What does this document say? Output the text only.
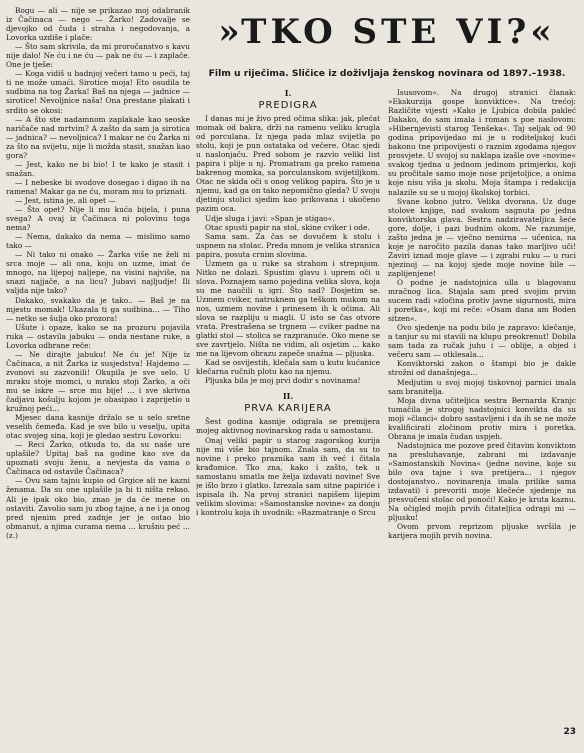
Bogu — ali — nije se prikazao moj odabranik iz Čačinaca — nego — Žarko! Zadovalje se djevojko od čuda i straha i negodovanja, a Lovorka uzdiše i plače:

— Što sam skrivila, da mi proročanstvo s kavu nije dalo! Ne ću i ne ću — pak ne ću — i zaplače. One je tješe:

— Koga vidiš u badnjoj večeri tamo u peći, taj ti ne može umaći. Sirotice moja! Eto osudila te sudbina na tog Žarka! Baš na njega — jadnice — sirotice! Nevoljnice naša! Ona prestane plakati i srdito se okosi:

— A što ste nadamnom zaplakale kao seoske naričače nad mrtvim? A zašto da sam ja sirotica — jadnica? — nevoljnica? I makar ne ću Žarka ni za što na svijetu, nije li možda stasit, snažan kao gora?

— Jest, kako ne bi bio! I te kako je stasit i snažan.

— I nebeske bi svodove dosegao i digao ih na ramena! Makar ga ne ću, moram mu to priznati.

— Jest, istina je, ali opet —

— Što opet? Nije li mu kuća bijela, i puna svega? A ovaj iz Čačinaca ni polovinu toga nema?

— Nema, dakako da nema — mislimo samo tako —

— Ni tako ni onako — Žarka više ne želi ni srca moje — ali ona, koju on uzme, imat će mnogo, na lijepoj naljepe, na visini najviše, na snazi najjače, a na licu? Jubavi najljudje! Ili valjda nije tako?

Dakako, svakako da je tako.. — Baš je na mjestu momak! Ukazala ti ga sudbina... — Tiho — netko se šulja oko prozora!

Ušute i opaze, kako se na prozoru pojavila ruka — ostavila jabuku — onda nestane ruke, a Lovorka odbrane reče:

— Ne dirajte jabuku! Ne ću je! Nije iz Čačinaca, a nit Žarka iz susjedstva! Hajdemo — zvonovi su zazvonili! Okupila je sve selo. U mraku stoje momci, u mraku stoji Žarko, a oči mu se iskre — srce mu bije! ... i sve skrivna čadjavu košulju kojom je obasipao i zaprijetio u kružnoj peći...

Mjesec dana kasnije držalo se u selo sretne veselih čemeđa. Kad je sve bilo u veselju, upita otac svojeg sina, koji je gledao sestru Lovorku:

— Reci Žarko, otkuda to, da su naše ure uplašile? Upitaj baš na godine kao sve da upoznati svoju ženu, a nevjesta da vama o Čačinaca od ostavile Čačinaca?

— Ovu sam tajnu kupio od Grgice ali ne kazni ženama. Da su one uplašile ja bi ti ništa rekao. Ali je ipak oko bio, znao je da će mene on ostaviti. Zavolio sam ju zbog tajne, a ne i ja onog pred njenim pred zadnje jer je ostao bio obmanut, a njima curama nema ... krušnu peć ... (z.)

»TKO STE VI?«
Film u riječima. Sličice iz doživljaja ženskog novinara od 1897.–1938.
I.
PREDIGRA

I danas mi je živo pred očima slika: jak, plećat momak od bakra, drži na ramenu veliku krugla od porculana. Iz njega pada mlaz svijetla po stolu, koji je pun ostataka od večere. Otac sjedi u naslonjaču. Pred sobom je razvio veliki list papira i plije u nj. Promatram ga preko ramena bakrenog momka, sa porculanskom svijetiljkom. Otac ne skida oči s onog velikog papira. Što je u njemu, kad ga on tako nepomično gleda? U svoju djetinju stolici sjedim kao prikovana i ukočeno pazim oca.

Udje sluga i javi: »Span je stigao«.

Otac spusti papir na stol, skine cviker i ode.

Sama sam. Za čas se dovučem k stolu i uspnem na stolac. Preda mnom je velika stranica papira, posuta crnim slovima.

Uzmem ga u ruke sa strahom i strepnjom. Nitko ne dolazi. Spustim glavu i uprem oči u slova. Poznajem samo pojedina velika slova, koja su me naučili u igri. Što sad? Dosjetim se. Uzmem cviker, natruknem ga teškom mukom na nos, uzmem novine i prinesem ih k očima. Ali slova se razpliju u magli. U isto se čas otvore vrata. Prestrašena se trgnem — cviker padne na glatki stol — stolica se razpranuće. Oko mene se sve zavrtjelo. Ništa ne vidim, ali osjetim ... kako me na lijevom obrazu zapeče snažna — pljuska.

Kad se osvijestih, klečala sam u kutu kućanice kleĉarna ručnih plotu kao na njemu.

Pljuska bila je moj prvi dodir s novinama!

II.
PRVA KARIJERA

Šest godina kasnije odigrala se premijera mojeg aktivnog novinarskog rada u samostanu.

Onaj veliki papir u starog zagorskog kurija nije mi više bio tajnom. Znala sam, da su to novine i preko praznika sam ih već i čitala krađomice. Tko zna, kako i zašto, tek u samostanu smatla me želja izdavati novine! Sve je išlo brzo i glatko. Izrezala sam sitne papiriće i ispisala ih. Na prvoj stranici napišem lijepim velikim slovima: »Samostanske novine« za donju i kontrolu koja ih uvodnik: »Razmatranje o Srcu

Isusovom«. Na drugoj stranici članak: »Ekskurzija gospe konviktice«. Na trećoj: Različite vijesti »Kako je Ljubica dobila pakleć Dakako, do sam imala i roman s poe naslovom: »Hibernjevisti starog Tenšeka«. Taj seljak od 90 godina pripovijedao mi je u roditeljskoj kući bakonu tne pripovijesti o raznim zgodama njegov prosvjete. U svojoj su naklapa izašle ove »novine« svakog tjedna u jednom jedinom primjerku, koji su pročitale samo moje nose prijetoljice, a onima koje nisu viša ja skolu. Moja štampa i redakcija nalazile su se u mojoj školskoj torbici.

Svane kobno jutro. Velika dvorana. Uz duge stolove knjige, nad svakom sagnuta po jedna konviktorska glava. Sestra nadziravateljica šeće gore, dolje, i pazi budnim okom. Ne razumije, zašto jedna je — vječno nemirna — učenica, na koje je naročito pazila danas tako marljivo uči! Zaviri iznad moje glave — i zgrabi ruku — u ruci njezinoj — na kojoj sjede moje novine bile — zaplijenjene!

O podne je nadstojnica ulla u blagovanu mračnog lica. Stajala sam pred svojim prvim sucem radi »zločina protiv javne sigurnosti, mira i poretka«, koji mi reče: »Osam dana am Boden sitzen«.

Ovo sjedenje na podu bilo je zapravo: klečanje, a tanjur su mi stavili na klupu preokrenut! Dobila sam tada za ručak juhu i — oblije, a objed i večeru sam — otklesala...

Konviktorski zakon o štampi bio je dakle strožni od današnjega...

Medjutim u svoj mojoj tiskovnoj parnici imala sam branitelja.

Moja divna učiteljica sestra Bernarda Kranjc tumačila je strogoj nadstojnici konvikta da su moji »članci« dobro sastavljeni i da ih se ne može kvalificirati zločinom protiv mira i poretka. Obrana je imala čudan uspjeh.

Nadstojnica me pozove pred čitavim konviktom na presluhavanje, zabrani mi izdavanje »Samostanskih Novina« (jedne novine, koje su bilo ova tajne i sva pretijera... i njegov dostojanstvo.. novinarenja imala prilike sama izdavati) i prevoriti moje klečeće sjedenje na presvučeni stolac od ponoći! Kako je kruta kaznu. Na očigled mojih prvih čitateljica odrapi mi — pljusku!

Ovom prvom reprizom pljuske svršila je karijera mojih prvih novina.

23
